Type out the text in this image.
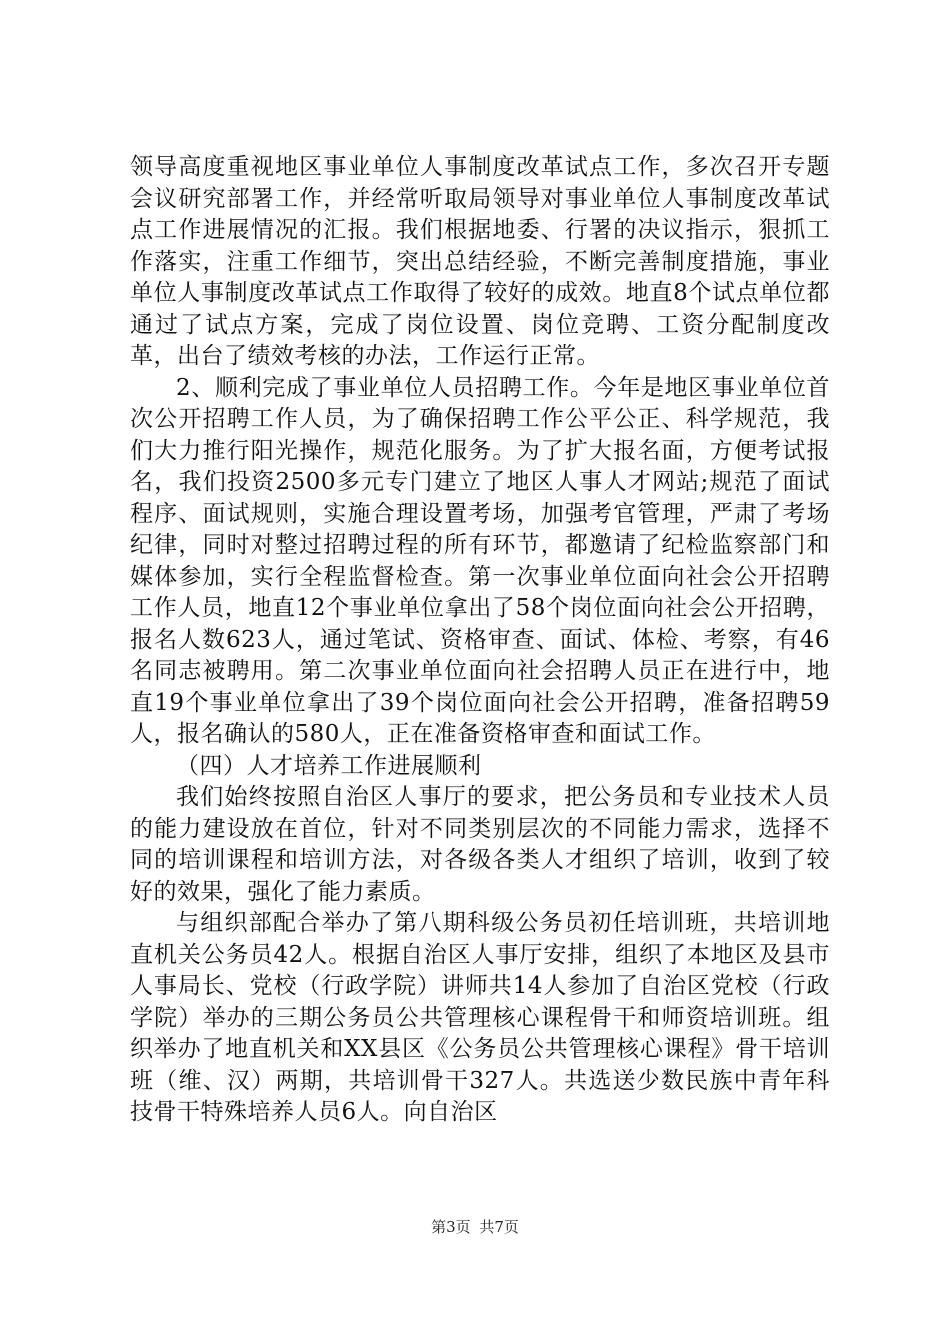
领导高度重视地区事业单位人事制度改革试点工作，多次召开专题会议研究部署工作，并经常听取局领导对事业单位人事制度改革试点工作进展情况的汇报。我们根据地委、行署的决议指示，狠抓工作落实，注重工作细节，突出总结经验，不断完善制度措施，事业单位人事制度改革试点工作取得了较好的成效。地直8个试点单位都通过了试点方案，完成了岗位设置、岗位竞聘、工资分配制度改革，出台了绩效考核的办法，工作运行正常。

2、顺利完成了事业单位人员招聘工作。今年是地区事业单位首次公开招聘工作人员，为了确保招聘工作公平公正、科学规范，我们大力推行阳光操作，规范化服务。为了扩大报名面，方便考试报名，我们投资2500多元专门建立了地区人事人才网站;规范了面试程序、面试规则，实施合理设置考场，加强考官管理，严肃了考场纪律，同时对整过招聘过程的所有环节，都邀请了纪检监察部门和媒体参加，实行全程监督检查。第一次事业单位面向社会公开招聘工作人员，地直12个事业单位拿出了58个岗位面向社会公开招聘，报名人数623人，通过笔试、资格审查、面试、体检、考察，有46名同志被聘用。第二次事业单位面向社会招聘人员正在进行中，地直19个事业单位拿出了39个岗位面向社会公开招聘，准备招聘59人，报名确认的580人，正在准备资格审查和面试工作。

（四）人才培养工作进展顺利

我们始终按照自治区人事厅的要求，把公务员和专业技术人员的能力建设放在首位，针对不同类别层次的不同能力需求，选择不同的培训课程和培训方法，对各级各类人才组织了培训，收到了较好的效果，强化了能力素质。

与组织部配合举办了第八期科级公务员初任培训班，共培训地直机关公务员42人。根据自治区人事厅安排，组织了本地区及县市人事局长、党校（行政学院）讲师共14人参加了自治区党校（行政学院）举办的三期公务员公共管理核心课程骨干和师资培训班。组织举办了地直机关和XX县区《公务员公共管理核心课程》骨干培训班（维、汉）两期，共培训骨干327人。共选送少数民族中青年科技骨干特殊培养人员6人。向自治区

第3页 共7页
